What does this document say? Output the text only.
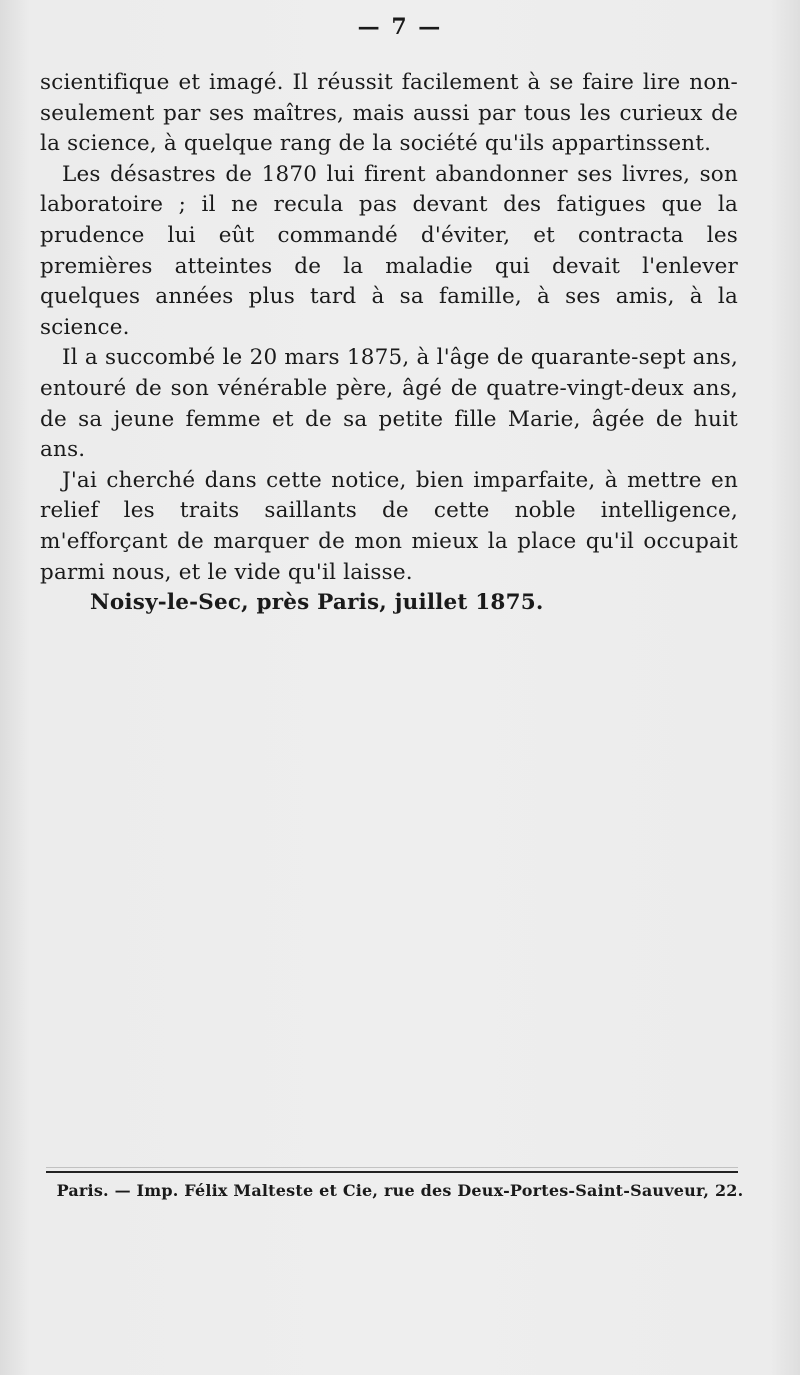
— 7 —

scientifique et imagé. Il réussit facilement à se faire lire non-seulement par ses maîtres, mais aussi par tous les curieux de la science, à quelque rang de la société qu'ils appartinssent.

Les désastres de 1870 lui firent abandonner ses livres, son laboratoire ; il ne recula pas devant des fatigues que la prudence lui eût commandé d'éviter, et contracta les premières atteintes de la maladie qui devait l'enlever quelques années plus tard à sa famille, à ses amis, à la science.

Il a succombé le 20 mars 1875, à l'âge de quarante-sept ans, entouré de son vénérable père, âgé de quatre-vingt-deux ans, de sa jeune femme et de sa petite fille Marie, âgée de huit ans.

J'ai cherché dans cette notice, bien imparfaite, à mettre en relief les traits saillants de cette noble intelligence, m'efforçant de marquer de mon mieux la place qu'il occupait parmi nous, et le vide qu'il laisse.

Noisy-le-Sec, près Paris, juillet 1875.

Paris. — Imp. Félix Malteste et Cie, rue des Deux-Portes-Saint-Sauveur, 22.
